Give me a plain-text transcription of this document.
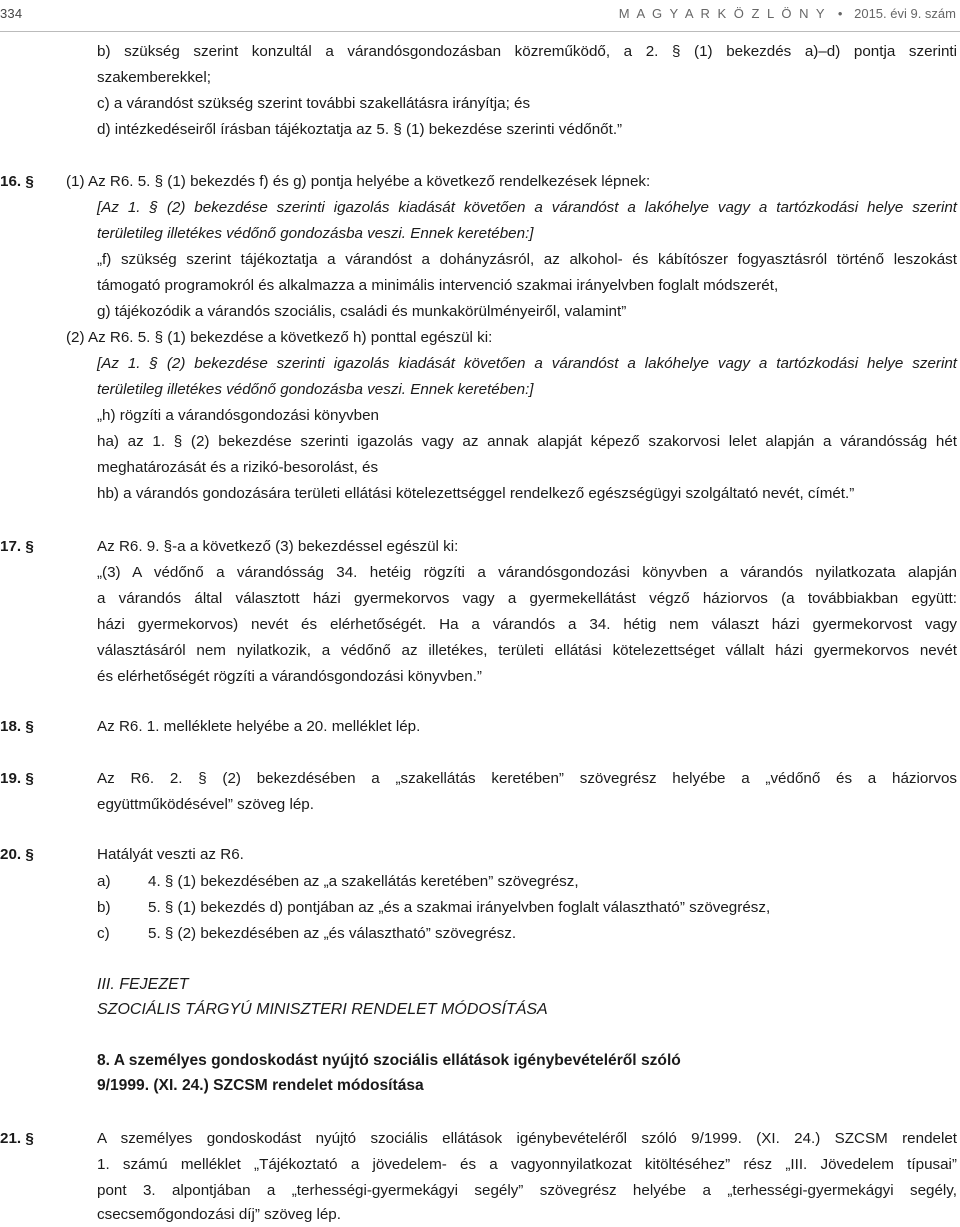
334	M A G Y A R K Ö Z L Ö N Y • 2015. évi 9. szám
b) szükség szerint konzultál a várandósgondozásban közreműködő, a 2. § (1) bekezdés a)–d) pontja szerinti
szakemberekkel;
c) a várandóst szükség szerint további szakellátásra irányítja; és
d) intézkedéseiről írásban tájékoztatja az 5. § (1) bekezdése szerinti védőnőt.”
16. § (1) Az R6. 5. § (1) bekezdés f) és g) pontja helyébe a következő rendelkezések lépnek:
[Az 1. § (2) bekezdése szerinti igazolás kiadását követően a várandóst a lakóhelye vagy a tartózkodási helye szerint
területileg illetékes védőnő gondozásba veszi. Ennek keretében:]
„f) szükség szerint tájékoztatja a várandóst a dohányzásról, az alkohol- és kábítószer fogyasztásról történő leszokást
támogató programokról és alkalmazza a minimális intervenció szakmai irányelvben foglalt módszerét,
g) tájékozódik a várandós szociális, családi és munkakörülményeiről, valamint”
(2) Az R6. 5. § (1) bekezdése a következő h) ponttal egészül ki:
[Az 1. § (2) bekezdése szerinti igazolás kiadását követően a várandóst a lakóhelye vagy a tartózkodási helye szerint
területileg illetékes védőnő gondozásba veszi. Ennek keretében:]
„h) rögzíti a várandósgondozási könyvben
ha) az 1. § (2) bekezdése szerinti igazolás vagy az annak alapját képező szakorvosi lelet alapján a várandósság hét
meghatározását és a rizikó-besorolást, és
hb) a várandós gondozására területi ellátási kötelezettséggel rendelkező egészségügyi szolgáltató nevét, címét.”
17. §	Az R6. 9. §-a a következő (3) bekezdéssel egészül ki:
„(3) A védőnő a várandósság 34. hetéig rögzíti a várandósgondozási könyvben a várandós nyilatkozata alapján
a várandós által választott házi gyermekorvos vagy a gyermekellátást végző háziorvos (a továbbiakban együtt:
házi gyermekorvos) nevét és elérhetőségét. Ha a várandós a 34. hétig nem választ házi gyermekorvost vagy
választásáról nem nyilatkozik, a védőnő az illetékes, területi ellátási kötelezettséget vállalt házi gyermekorvos nevét
és elérhetőségét rögzíti a várandósgondozási könyvben.”
18. §	Az R6. 1. melléklete helyébe a 20. melléklet lép.
19. §	Az R6. 2. § (2) bekezdésében a „szakellátás keretében” szövegrész helyébe a „védőnő és a háziorvos
együttműködésével” szöveg lép.
20. §	Hatályát veszti az R6.
a) 4. § (1) bekezdésében az „a szakellátás keretében” szövegrész,
b) 5. § (1) bekezdés d) pontjában az „és a szakmai irányelvben foglalt választható” szövegrész,
c)	5. § (2) bekezdésében az „és választható” szövegrész.
III. FEJEZET
SZOCIÁLIS TÁRGYÚ MINISZTERI RENDELET MÓDOSÍTÁSA
8. A személyes gondoskodást nyújtó szociális ellátások igénybevételéről szóló
9/1999. (XI. 24.) SZCSM rendelet módosítása
21. §	A személyes gondoskodást nyújtó szociális ellátások igénybevételéről szóló 9/1999. (XI. 24.) SZCSM rendelet
1. számú melléklet „Tájékoztató a jövedelem- és a vagyonnyilatkozat kitöltéséhez” rész „III. Jövedelem típusai”
pont 3. alpontjában a „terhességi-gyermekágyi segély” szövegrész helyébe a „terhességi-gyermekágyi segély,
csecsemőgondozási díj” szöveg lép.
